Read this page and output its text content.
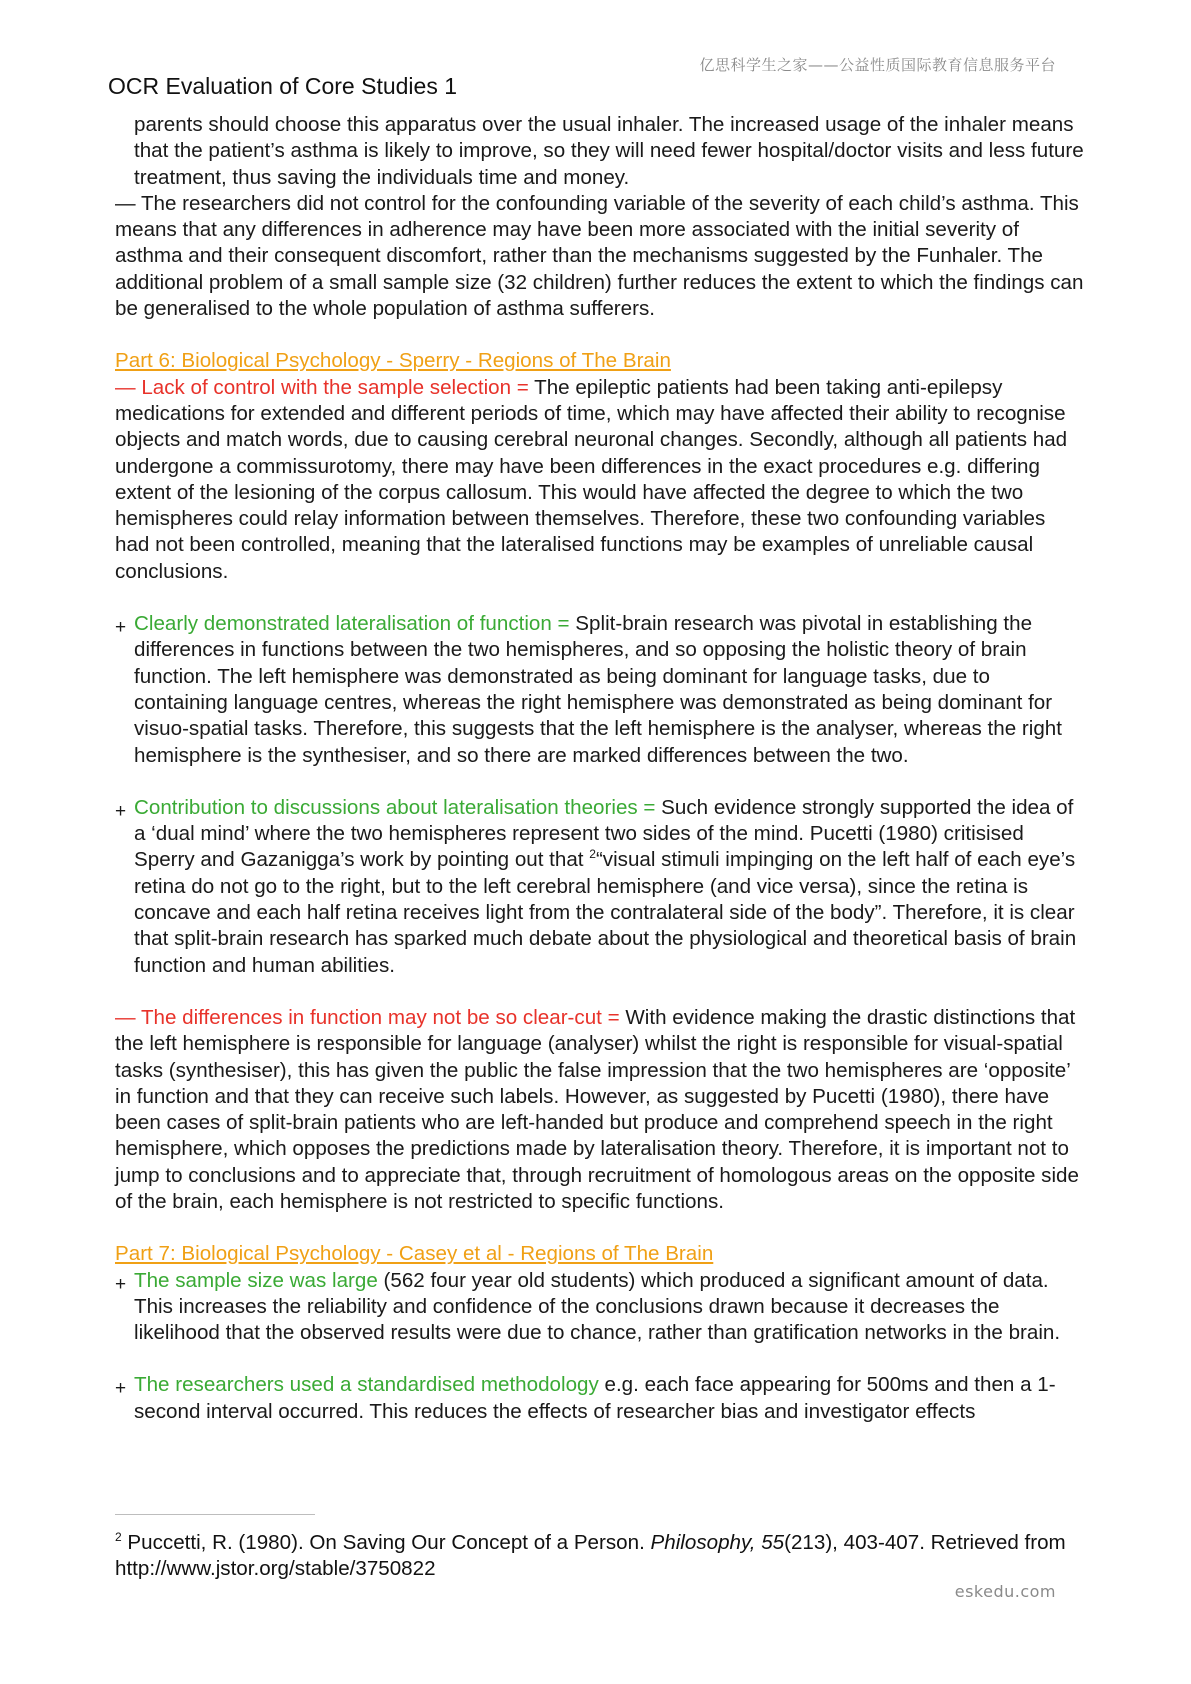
亿思科学生之家——公益性质国际教育信息服务平台
OCR Evaluation of Core Studies 1

parents should choose this apparatus over the usual inhaler. The increased usage of the inhaler means that the patient’s asthma is likely to improve, so they will need fewer hospital/doctor visits and less future treatment, thus saving the individuals time and money.

— The researchers did not control for the confounding variable of the severity of each child’s asthma. This means that any differences in adherence may have been more associated with the initial severity of asthma and their consequent discomfort, rather than the mechanisms suggested by the Funhaler. The additional problem of a small sample size (32 children) further reduces the extent to which the findings can be generalised to the whole population of asthma sufferers.

Part 6: Biological Psychology - Sperry - Regions of The Brain

— Lack of control with the sample selection = The epileptic patients had been taking anti-epilepsy medications for extended and different periods of time, which may have affected their ability to recognise objects and match words, due to causing cerebral neuronal changes. Secondly, although all patients had undergone a commissurotomy, there may have been differences in the exact procedures e.g. differing extent of the lesioning of the corpus callosum. This would have affected the degree to which the two hemispheres could relay information between themselves. Therefore, these two confounding variables had not been controlled, meaning that the lateralised functions may be examples of unreliable causal conclusions.

+ Clearly demonstrated lateralisation of function = Split-brain research was pivotal in establishing the differences in functions between the two hemispheres, and so opposing the holistic theory of brain function. The left hemisphere was demonstrated as being dominant for language tasks, due to containing language centres, whereas the right hemisphere was demonstrated as being dominant for visuo-spatial tasks. Therefore, this suggests that the left hemisphere is the analyser, whereas the right hemisphere is the synthesiser, and so there are marked differences between the two.
+ Contribution to discussions about lateralisation theories = Such evidence strongly supported the idea of a ‘dual mind’ where the two hemispheres represent two sides of the mind. Pucetti (1980) critisised Sperry and Gazanigga’s work by pointing out that $^2$“visual stimuli impinging on the left half of each eye’s retina do not go to the right, but to the left cerebral hemisphere (and vice versa), since the retina is concave and each half retina receives light from the contralateral side of the body”. Therefore, it is clear that split-brain research has sparked much debate about the physiological and theoretical basis of brain function and human abilities.

— The differences in function may not be so clear-cut = With evidence making the drastic distinctions that the left hemisphere is responsible for language (analyser) whilst the right is responsible for visual-spatial tasks (synthesiser), this has given the public the false impression that the two hemispheres are ‘opposite’ in function and that they can receive such labels. However, as suggested by Pucetti (1980), there have been cases of split-brain patients who are left-handed but produce and comprehend speech in the right hemisphere, which opposes the predictions made by lateralisation theory. Therefore, it is important not to jump to conclusions and to appreciate that, through recruitment of homologous areas on the opposite side of the brain, each hemisphere is not restricted to specific functions.

Part 7: Biological Psychology - Casey et al - Regions of The Brain

+ The sample size was large (562 four year old students) which produced a significant amount of data. This increases the reliability and confidence of the conclusions drawn because it decreases the likelihood that the observed results were due to chance, rather than gratification networks in the brain.
+ The researchers used a standardised methodology e.g. each face appearing for 500ms and then a 1-second interval occurred. This reduces the effects of researcher bias and investigator effects
$^2$ Puccetti, R. (1980). On Saving Our Concept of a Person. Philosophy, 55(213), 403-407. Retrieved from http://www.jstor.org/stable/3750822
eskedu.com
